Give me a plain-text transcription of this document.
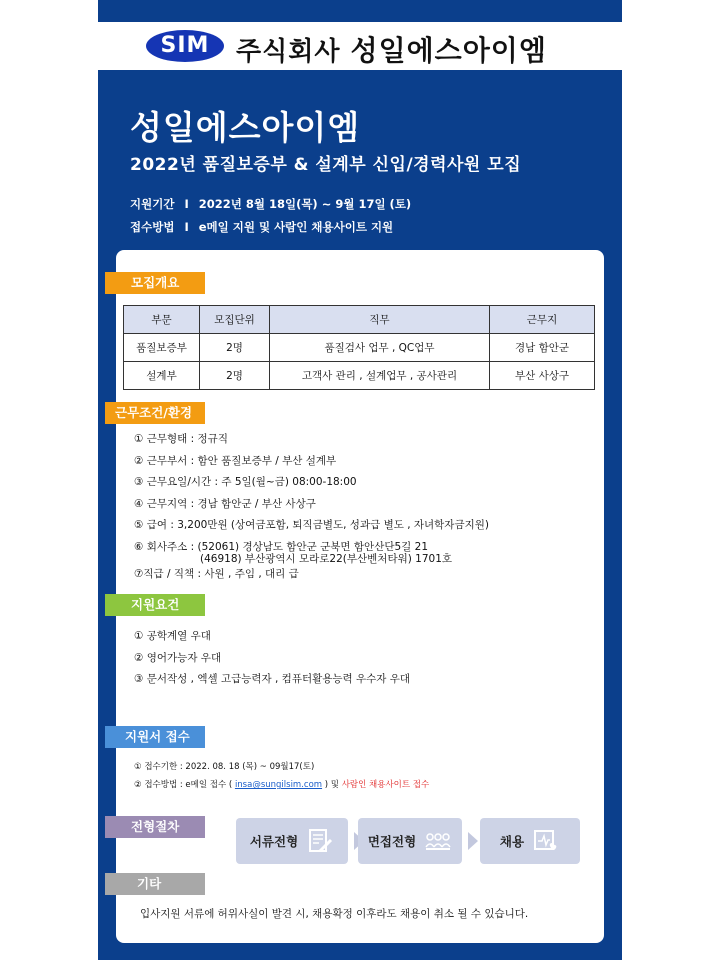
SIM	주식회사 성일에스아이엠
성일에스아이엠
2022년 품질보증부 & 설계부 신입/경력사원 모집
지원기간 I 2022년 8월 18일(목) ~ 9월 17일 (토)
접수방법 I e메일 지원 및 사람인 채용사이트 지원
모집개요
부문	모집단위	직무	근무지
품질보증부	2명	품질검사 업무 , QC업무	경남 함안군
설계부	2명	고객사 관리 , 설계업무 , 공사관리	부산 사상구
근무조건/환경
① 근무형태 : 정규직
② 근무부서 : 함안 품질보증부 / 부산 설계부
③ 근무요일/시간 : 주 5일(월~금) 08:00-18:00
④ 근무지역 : 경남 함안군 / 부산 사상구
⑤ 급여 : 3,200만원 (상여금포함, 퇴직금별도, 성과급 별도 , 자녀학자금지원)
⑥ 회사주소 : (52061) 경상남도 함안군 군북면 함안산단5길 21
(46918) 부산광역시 모라로22(부산벤처타워) 1701호
⑦직급 / 직책 : 사원 , 주임 , 대리 급
지원요건
① 공학계열 우대
② 영어가능자 우대
③ 문서작성 , 엑셀 고급능력자 , 컴퓨터활용능력 우수자 우대
지원서 접수
① 접수기한 : 2022. 08. 18 (목) ~ 09월17(토)
② 접수방법 : e메일 접수 ( insa@sungilsim.com ) 및 사람인 채용사이트 접수
전형절차
서류전형	면접전형	채용
기타
입사지원 서류에 허위사실이 발견 시, 채용확정 이후라도 채용이 취소 될 수 있습니다.
